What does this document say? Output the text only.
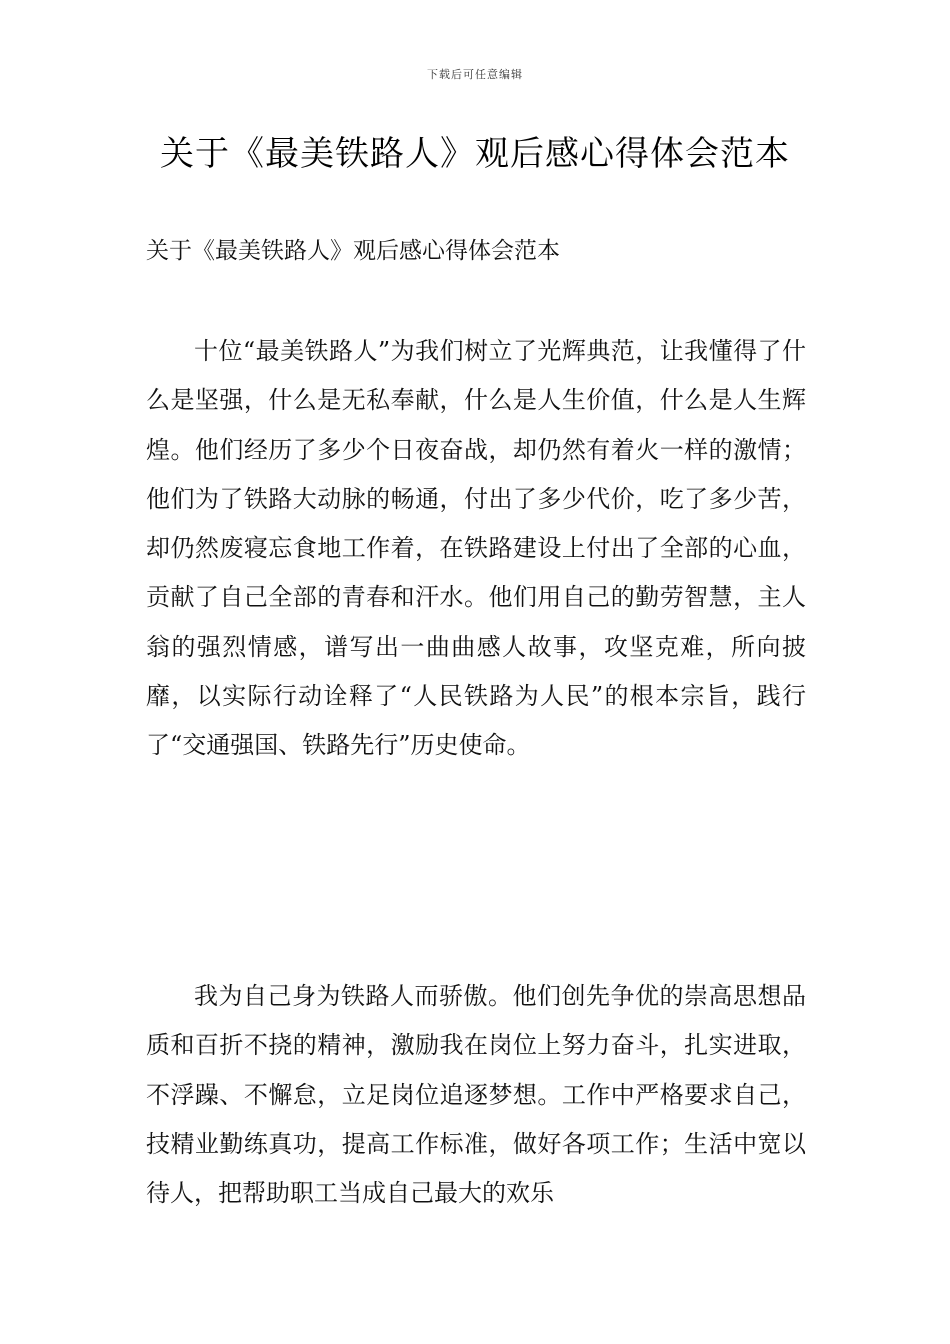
下载后可任意编辑
关于《最美铁路人》观后感心得体会范本

关于《最美铁路人》观后感心得体会范本

十位“最美铁路人”为我们树立了光辉典范，让我懂得了什么是坚强，什么是无私奉献，什么是人生价值，什么是人生辉煌。他们经历了多少个日夜奋战，却仍然有着火一样的激情；他们为了铁路大动脉的畅通，付出了多少代价，吃了多少苦，却仍然废寝忘食地工作着，在铁路建设上付出了全部的心血，贡献了自己全部的青春和汗水。他们用自己的勤劳智慧，主人翁的强烈情感，谱写出一曲曲感人故事，攻坚克难，所向披靡，以实际行动诠释了“人民铁路为人民”的根本宗旨，践行了“交通强国、铁路先行”历史使命。

我为自己身为铁路人而骄傲。他们创先争优的崇高思想品质和百折不挠的精神，激励我在岗位上努力奋斗，扎实进取，不浮躁、不懈怠，立足岗位追逐梦想。工作中严格要求自己，技精业勤练真功，提高工作标准，做好各项工作；生活中宽以待人，把帮助职工当成自己最大的欢乐
